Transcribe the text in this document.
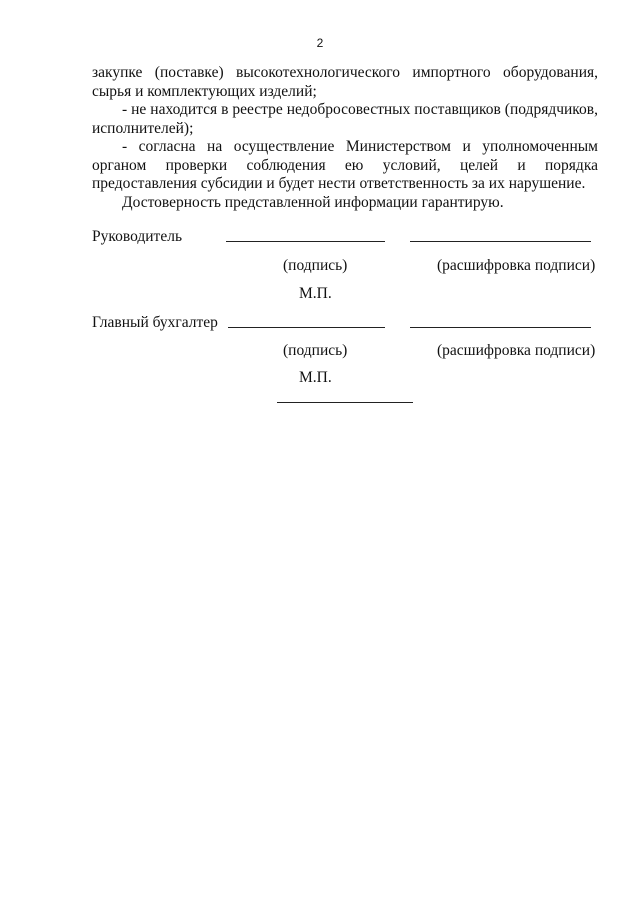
2

закупке (поставке) высокотехнологического импортного оборудования, сырья и комплектующих изделий;

- не находится в реестре недобросовестных поставщиков (подрядчиков, исполнителей);

- согласна на осуществление Министерством и уполномоченным органом проверки соблюдения ею условий, целей и порядка предоставления субсидии и будет нести ответственность за их нарушение.

Достоверность представленной информации гарантирую.

Руководитель
(подпись)	(расшифровка подписи)
М.П.
Главный бухгалтер
(подпись)	(расшифровка подписи)
М.П.
